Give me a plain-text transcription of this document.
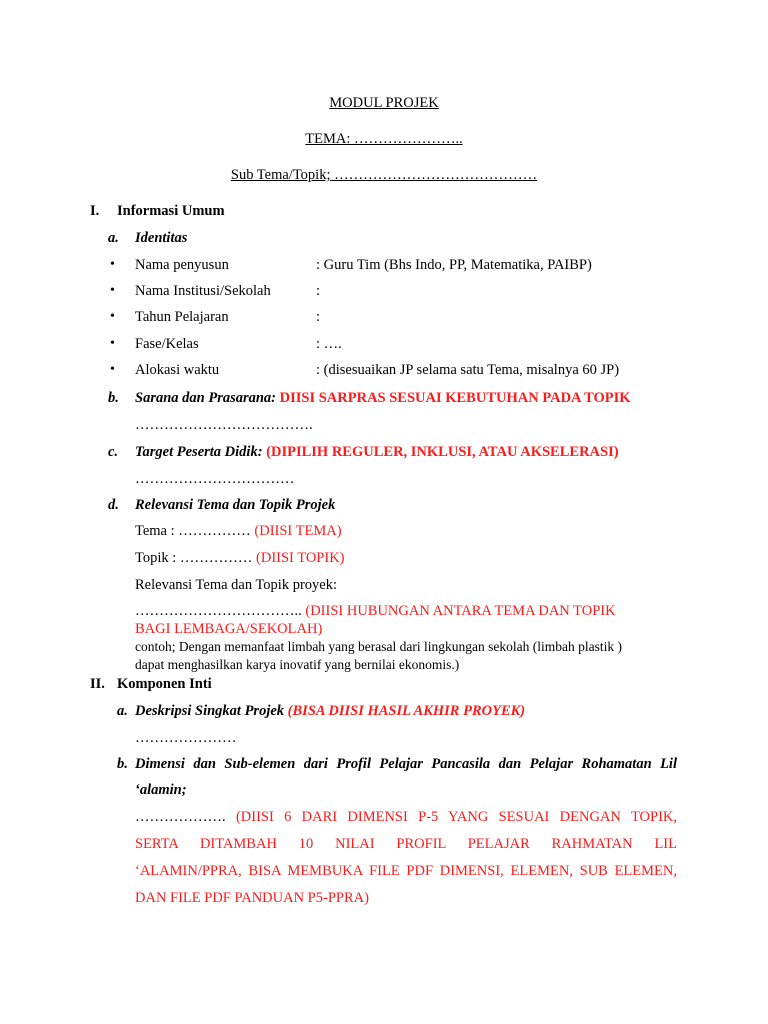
MODUL PROJEK
TEMA: …………………..
Sub Tema/Topik; ……………………………………
I. Informasi Umum
a. Identitas
• Nama penyusun	: Guru Tim (Bhs Indo, PP, Matematika, PAIBP)
• Nama Institusi/Sekolah	:
• Tahun Pelajaran	:
• Fase/Kelas	: ….
• Alokasi waktu	: (disesuaikan JP selama satu Tema, misalnya 60 JP)
b. Sarana dan Prasarana: DIISI SARPRAS SESUAI KEBUTUHAN PADA TOPIK
……………………………….
c. Target Peserta Didik: (DIPILIH REGULER, INKLUSI, ATAU AKSELERASI)
……………………………
d. Relevansi Tema dan Topik Projek
Tema : …………… (DIISI TEMA)
Topik : …………… (DIISI TOPIK)
Relevansi Tema dan Topik proyek:
…………………………….. (DIISI HUBUNGAN ANTARA TEMA DAN TOPIK
BAGI LEMBAGA/SEKOLAH)
contoh; Dengan memanfaat limbah yang berasal dari lingkungan sekolah (limbah plastik )
dapat menghasilkan karya inovatif yang bernilai ekonomis.)
II. Komponen Inti
a. Deskripsi Singkat Projek (BISA DIISI HASIL AKHIR PROYEK)
…………………
b. Dimensi dan Sub-elemen dari Profil Pelajar Pancasila dan Pelajar Rohamatan Lil
‘alamin;
………………. (DIISI 6 DARI DIMENSI P-5 YANG SESUAI DENGAN TOPIK,
SERTA DITAMBAH 10 NILAI PROFIL PELAJAR RAHMATAN LIL
‘ALAMIN/PPRA, BISA MEMBUKA FILE PDF DIMENSI, ELEMEN, SUB ELEMEN,
DAN FILE PDF PANDUAN P5-PPRA)
